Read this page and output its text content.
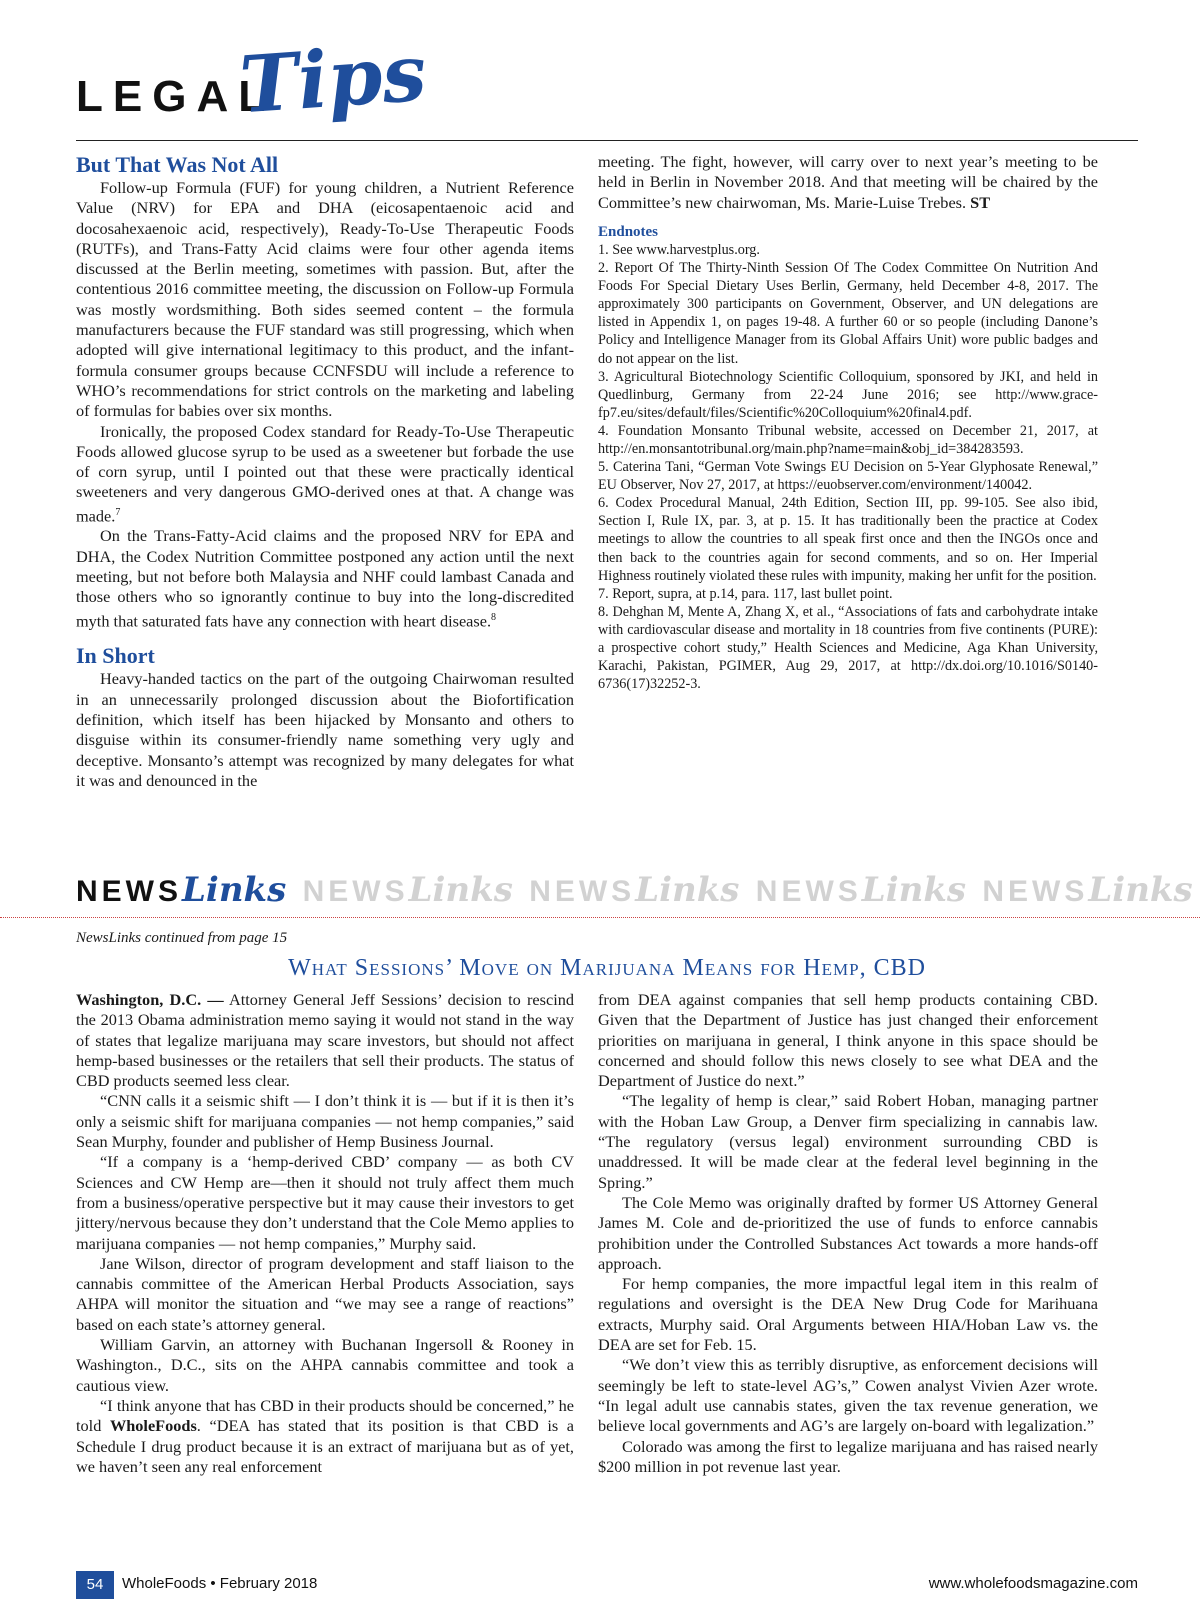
LEGAL
Tips
But That Was Not All

Follow-up Formula (FUF) for young children, a Nutrient Reference Value (NRV) for EPA and DHA (eicosapentaenoic acid and docosahexaenoic acid, respectively), Ready-To-Use Therapeutic Foods (RUTFs), and Trans-Fatty Acid claims were four other agenda items discussed at the Berlin meeting, sometimes with passion. But, after the contentious 2016 committee meeting, the discussion on Follow-up Formula was mostly wordsmithing. Both sides seemed content – the formula manufacturers because the FUF standard was still progressing, which when adopted will give international legitimacy to this product, and the infant-formula consumer groups because CCNFSDU will include a reference to WHO’s recommendations for strict controls on the marketing and labeling of formulas for babies over six months.

Ironically, the proposed Codex standard for Ready-To-Use Therapeutic Foods allowed glucose syrup to be used as a sweetener but forbade the use of corn syrup, until I pointed out that these were practically identical sweeteners and very dangerous GMO-derived ones at that. A change was made.$^7$

On the Trans-Fatty-Acid claims and the proposed NRV for EPA and DHA, the Codex Nutrition Committee postponed any action until the next meeting, but not before both Malaysia and NHF could lambast Canada and those others who so ignorantly continue to buy into the long-discredited myth that saturated fats have any connection with heart disease.$^8$

In Short

Heavy-handed tactics on the part of the outgoing Chairwoman resulted in an unnecessarily prolonged discussion about the Biofortification definition, which itself has been hijacked by Monsanto and others to disguise within its consumer-friendly name something very ugly and deceptive. Monsanto’s attempt was recognized by many delegates for what it was and denounced in the

meeting. The fight, however, will carry over to next year’s meeting to be held in Berlin in November 2018. And that meeting will be chaired by the Committee’s new chairwoman, Ms. Marie-Luise Trebes. ST

Endnotes
1. See www.harvestplus.org.
2. Report Of The Thirty-Ninth Session Of The Codex Committee On Nutrition And Foods For Special Dietary Uses Berlin, Germany, held December 4-8, 2017. The approximately 300 participants on Government, Observer, and UN delegations are listed in Appendix 1, on pages 19-48. A further 60 or so people (including Danone’s Policy and Intelligence Manager from its Global Affairs Unit) wore public badges and do not appear on the list.
3. Agricultural Biotechnology Scientific Colloquium, sponsored by JKI, and held in Quedlinburg, Germany from 22-24 June 2016; see http://www.grace-fp7.eu/sites/default/files/Scientific%20Colloquium%20final4.pdf.
4. Foundation Monsanto Tribunal website, accessed on December 21, 2017, at http://en.monsantotribunal.org/main.php?name=main&obj_id=384283593.
5. Caterina Tani, “German Vote Swings EU Decision on 5-Year Glyphosate Renewal,” EU Observer, Nov 27, 2017, at https://euobserver.com/environment/140042.
6. Codex Procedural Manual, 24th Edition, Section III, pp. 99-105. See also ibid, Section I, Rule IX, par. 3, at p. 15. It has traditionally been the practice at Codex meetings to allow the countries to all speak first once and then the INGOs once and then back to the countries again for second comments, and so on. Her Imperial Highness routinely violated these rules with impunity, making her unfit for the position.
7. Report, supra, at p.14, para. 117, last bullet point.
8. Dehghan M, Mente A, Zhang X, et al., “Associations of fats and carbohydrate intake with cardiovascular disease and mortality in 18 countries from five continents (PURE): a prospective cohort study,” Health Sciences and Medicine, Aga Khan University, Karachi, Pakistan, PGIMER, Aug 29, 2017, at http://dx.doi.org/10.1016/S0140-6736(17)32252-3.
NEWSLinks NEWSLinks NEWSLinks NEWSLinks NEWSLinks
NewsLinks continued from page 15
What Sessions’ Move on Marijuana Means for Hemp, CBD

Washington, D.C. — Attorney General Jeff Sessions’ decision to rescind the 2013 Obama administration memo saying it would not stand in the way of states that legalize marijuana may scare investors, but should not affect hemp-based businesses or the retailers that sell their products. The status of CBD products seemed less clear.

“CNN calls it a seismic shift — I don’t think it is — but if it is then it’s only a seismic shift for marijuana companies — not hemp companies,” said Sean Murphy, founder and publisher of Hemp Business Journal.

“If a company is a ‘hemp-derived CBD’ company — as both CV Sciences and CW Hemp are—then it should not truly affect them much from a business/operative perspective but it may cause their investors to get jittery/nervous because they don’t understand that the Cole Memo applies to marijuana companies — not hemp companies,” Murphy said.

Jane Wilson, director of program development and staff liaison to the cannabis committee of the American Herbal Products Association, says AHPA will monitor the situation and “we may see a range of reactions” based on each state’s attorney general.

William Garvin, an attorney with Buchanan Ingersoll & Rooney in Washington., D.C., sits on the AHPA cannabis committee and took a cautious view.

“I think anyone that has CBD in their products should be concerned,” he told WholeFoods. “DEA has stated that its position is that CBD is a Schedule I drug product because it is an extract of marijuana but as of yet, we haven’t seen any real enforcement

from DEA against companies that sell hemp products containing CBD. Given that the Department of Justice has just changed their enforcement priorities on marijuana in general, I think anyone in this space should be concerned and should follow this news closely to see what DEA and the Department of Justice do next.”

“The legality of hemp is clear,” said Robert Hoban, managing partner with the Hoban Law Group, a Denver firm specializing in cannabis law. “The regulatory (versus legal) environment surrounding CBD is unaddressed. It will be made clear at the federal level beginning in the Spring.”

The Cole Memo was originally drafted by former US Attorney General James M. Cole and de-prioritized the use of funds to enforce cannabis prohibition under the Controlled Substances Act towards a more hands-off approach.

For hemp companies, the more impactful legal item in this realm of regulations and oversight is the DEA New Drug Code for Marihuana extracts, Murphy said. Oral Arguments between HIA/Hoban Law vs. the DEA are set for Feb. 15.

“We don’t view this as terribly disruptive, as enforcement decisions will seemingly be left to state-level AG’s,” Cowen analyst Vivien Azer wrote. “In legal adult use cannabis states, given the tax revenue generation, we believe local governments and AG’s are largely on-board with legalization.”

Colorado was among the first to legalize marijuana and has raised nearly $200 million in pot revenue last year.

54	WholeFoods • February 2018	www.wholefoodsmagazine.com
